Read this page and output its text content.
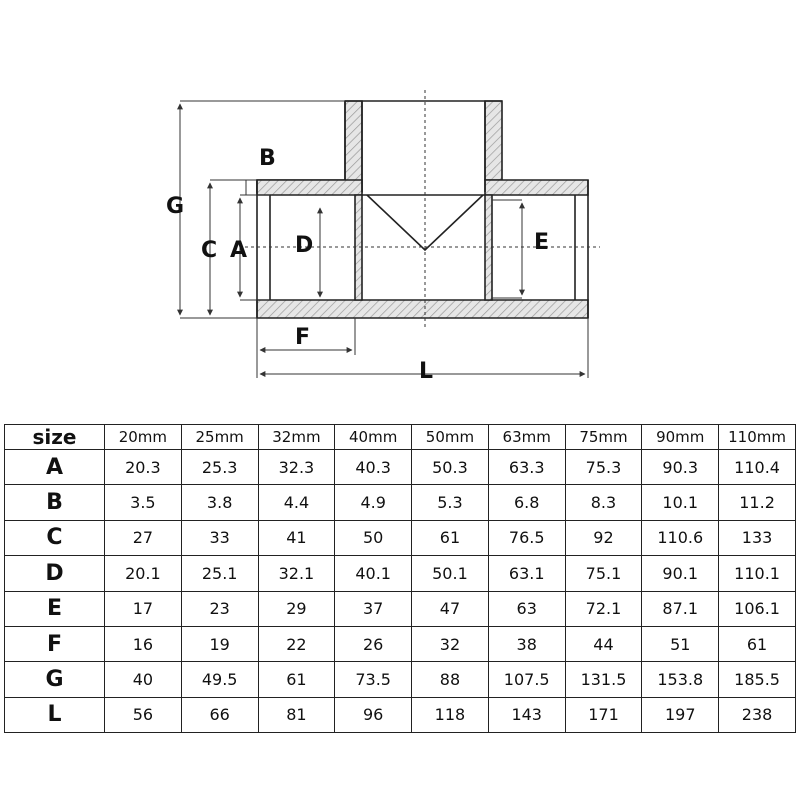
G
B
C A D	E
F
L
size	20mm	25mm	32mm	40mm	50mm	63mm	75mm	90mm	110mm
A	20.3	25.3	32.3	40.3	50.3	63.3	75.3	90.3	110.4
B	3.5	3.8	4.4	4.9	5.3	6.8	8.3	10.1	11.2
C	27	33	41	50	61	76.5	92	110.6	133
D	20.1	25.1	32.1	40.1	50.1	63.1	75.1	90.1	110.1
E	17	23	29	37	47	63	72.1	87.1	106.1
F	16	19	22	26	32	38	44	51	61
G	40	49.5	61	73.5	88	107.5	131.5	153.8	185.5
L	56	66	81	96	118	143	171	197	238
